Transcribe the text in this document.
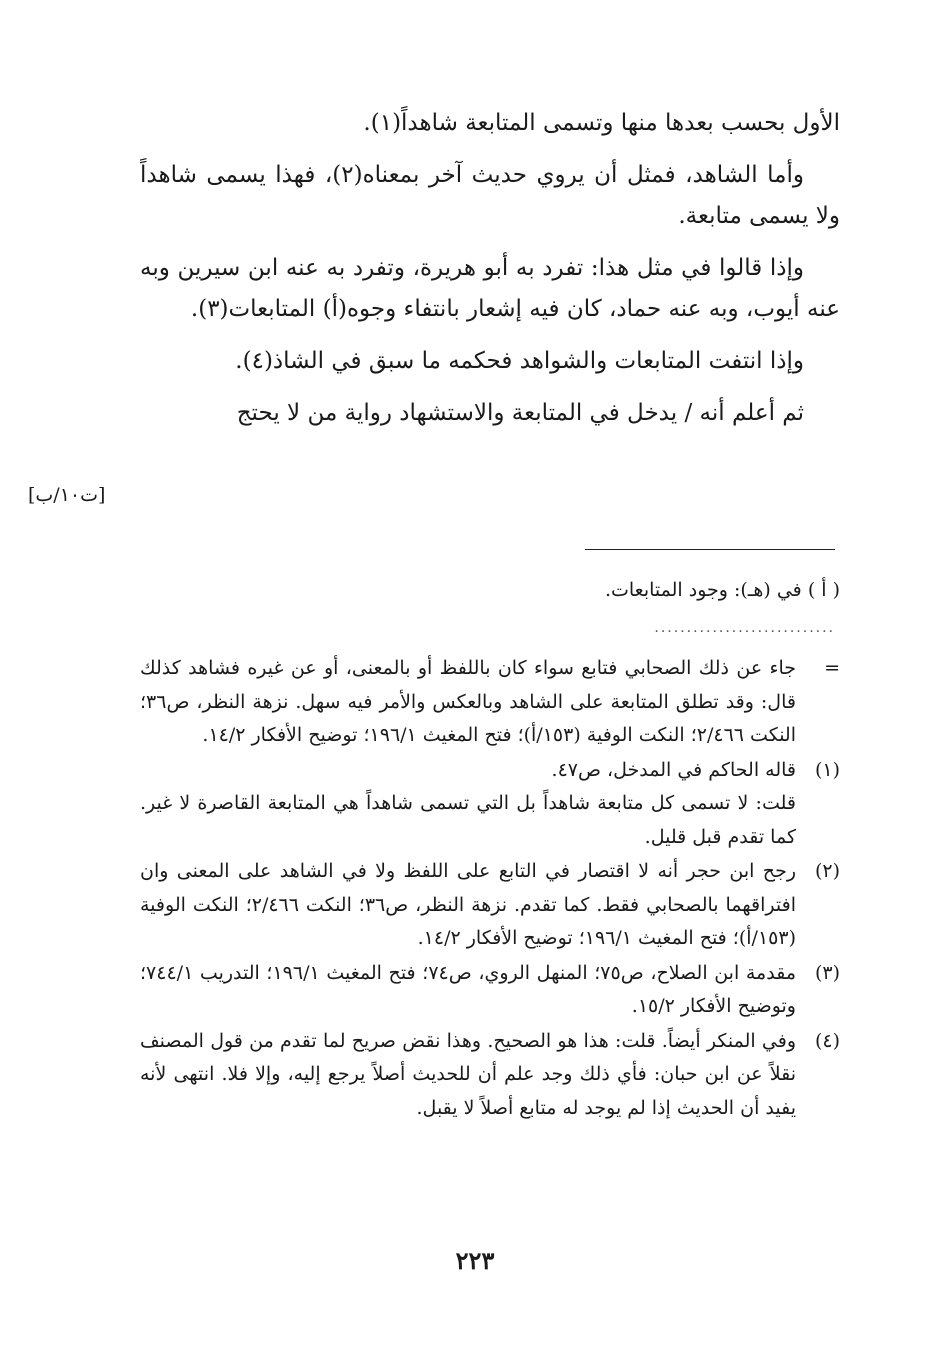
الأول بحسب بعدها منها وتسمى المتابعة شاهداً(١).

وأما الشاهد، فمثل أن يروي حديث آخر بمعناه(٢)، فهذا يسمى شاهداً ولا يسمى متابعة.

وإذا قالوا في مثل هذا: تفرد به أبو هريرة، وتفرد به عنه ابن سيرين وبه عنه أيوب، وبه عنه حماد، كان فيه إشعار بانتفاء وجوه(أ) المتابعات(٣).

وإذا انتفت المتابعات والشواهد فحكمه ما سبق في الشاذ(٤).

ثم أعلم أنه / يدخل في المتابعة والاستشهاد رواية من لا يحتج

[ت١٠/ب]
( أ ) في (هـ): وجود المتابعات.
............................
=

جاء عن ذلك الصحابي فتابع سواء كان باللفظ أو بالمعنى، أو عن غيره فشاهد كذلك قال: وقد تطلق المتابعة على الشاهد وبالعكس والأمر فيه سهل. نزهة النظر، ص٣٦؛ النكت ٢/٤٦٦؛ النكت الوفية (١٥٣/أ)؛ فتح المغيث ١٩٦/١؛ توضيح الأفكار ١٤/٢.

(١)

قاله الحاكم في المدخل، ص٤٧.

قلت: لا تسمى كل متابعة شاهداً بل التي تسمى شاهداً هي المتابعة القاصرة لا غير. كما تقدم قبل قليل.

(٢)

رجح ابن حجر أنه لا اقتصار في التابع على اللفظ ولا في الشاهد على المعنى وان افتراقهما بالصحابي فقط. كما تقدم. نزهة النظر، ص٣٦؛ النكت ٢/٤٦٦؛ النكت الوفية (١٥٣/أ)؛ فتح المغيث ١٩٦/١؛ توضيح الأفكار ١٤/٢.

(٣)

مقدمة ابن الصلاح، ص٧٥؛ المنهل الروي، ص٧٤؛ فتح المغيث ١٩٦/١؛ التدريب ٧٤٤/١؛ وتوضيح الأفكار ١٥/٢.

(٤)

وفي المنكر أيضاً. قلت: هذا هو الصحيح. وهذا نقض صريح لما تقدم من قول المصنف نقلاً عن ابن حبان: فأي ذلك وجد علم أن للحديث أصلاً يرجع إليه، وإلا فلا. انتهى لأنه يفيد أن الحديث إذا لم يوجد له متابع أصلاً لا يقبل.

٢٢٣
